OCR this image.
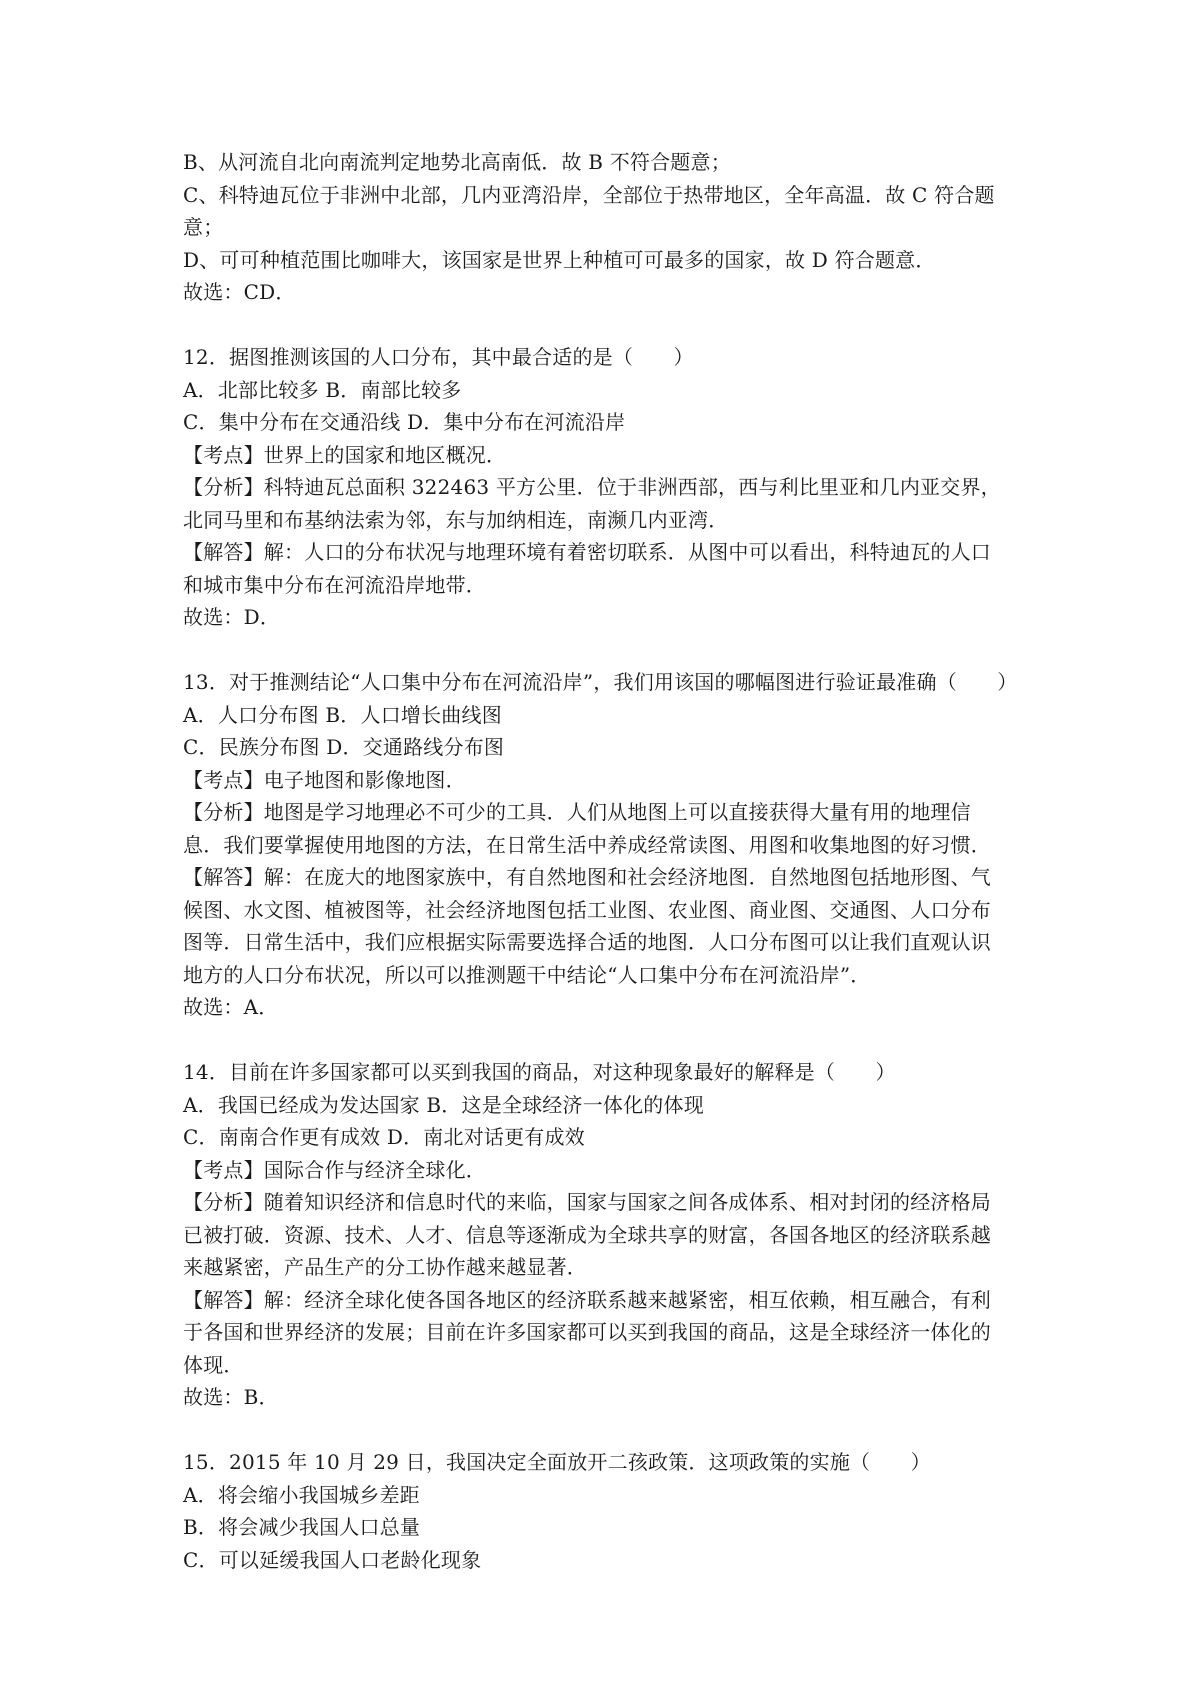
B、从河流自北向南流判定地势北高南低．故 B 不符合题意；
C、科特迪瓦位于非洲中北部，几内亚湾沿岸，全部位于热带地区，全年高温．故 C 符合题
意；
D、可可种植范围比咖啡大，该国家是世界上种植可可最多的国家，故 D 符合题意．
故选：CD．
12．据图推测该国的人口分布，其中最合适的是（　　）
A．北部比较多 B．南部比较多
C．集中分布在交通沿线 D．集中分布在河流沿岸
【考点】世界上的国家和地区概况．
【分析】科特迪瓦总面积 322463 平方公里．位于非洲西部，西与利比里亚和几内亚交界，
北同马里和布基纳法索为邻，东与加纳相连，南濒几内亚湾．
【解答】解：人口的分布状况与地理环境有着密切联系．从图中可以看出，科特迪瓦的人口
和城市集中分布在河流沿岸地带．
故选：D．
13．对于推测结论“人口集中分布在河流沿岸”，我们用该国的哪幅图进行验证最准确（　　）
A．人口分布图 B．人口增长曲线图
C．民族分布图 D．交通路线分布图
【考点】电子地图和影像地图．
【分析】地图是学习地理必不可少的工具．人们从地图上可以直接获得大量有用的地理信
息．我们要掌握使用地图的方法，在日常生活中养成经常读图、用图和收集地图的好习惯．
【解答】解：在庞大的地图家族中，有自然地图和社会经济地图．自然地图包括地形图、气
候图、水文图、植被图等，社会经济地图包括工业图、农业图、商业图、交通图、人口分布
图等．日常生活中，我们应根据实际需要选择合适的地图．人口分布图可以让我们直观认识
地方的人口分布状况，所以可以推测题干中结论“人口集中分布在河流沿岸”．
故选：A．
14．目前在许多国家都可以买到我国的商品，对这种现象最好的解释是（　　）
A．我国已经成为发达国家 B．这是全球经济一体化的体现
C．南南合作更有成效 D．南北对话更有成效
【考点】国际合作与经济全球化．
【分析】随着知识经济和信息时代的来临，国家与国家之间各成体系、相对封闭的经济格局
已被打破．资源、技术、人才、信息等逐渐成为全球共享的财富，各国各地区的经济联系越
来越紧密，产品生产的分工协作越来越显著．
【解答】解：经济全球化使各国各地区的经济联系越来越紧密，相互依赖，相互融合，有利
于各国和世界经济的发展；目前在许多国家都可以买到我国的商品，这是全球经济一体化的
体现．
故选：B．
15．2015 年 10 月 29 日，我国决定全面放开二孩政策．这项政策的实施（　　）
A．将会缩小我国城乡差距
B．将会减少我国人口总量
C．可以延缓我国人口老龄化现象
